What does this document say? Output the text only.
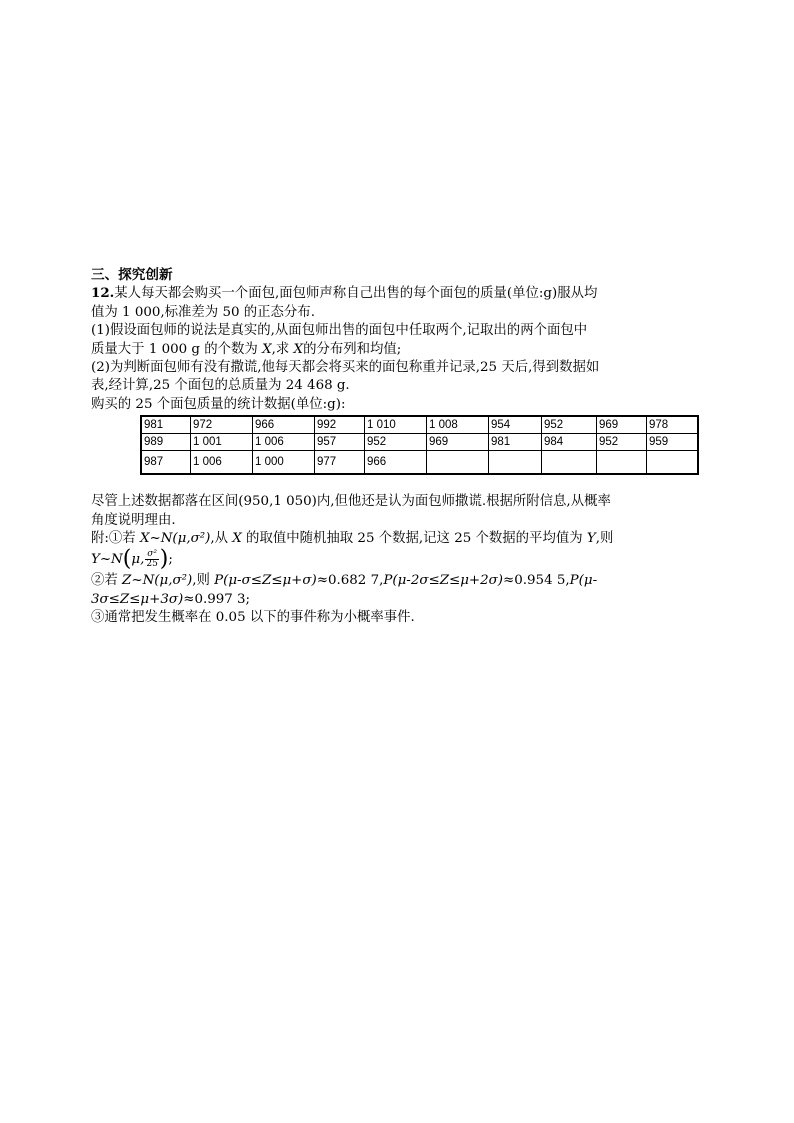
三、探究创新
12.某人每天都会购买一个面包,面包师声称自己出售的每个面包的质量(单位:g)服从均
值为 1 000,标准差为 50 的正态分布.
(1)假设面包师的说法是真实的,从面包师出售的面包中任取两个,记取出的两个面包中
质量大于 1 000 g 的个数为 X,求 X的分布列和均值;
(2)为判断面包师有没有撒谎,他每天都会将买来的面包称重并记录,25 天后,得到数据如
表,经计算,25 个面包的总质量为 24 468 g.
购买的 25 个面包质量的统计数据(单位:g):
981	972	966	992	1 010	1 008	954	952	969	978
989	1 001	1 006	957	952	969	981	984	952	959
987	1 006	1 000	977	966					
尽管上述数据都落在区间(950,1 050)内,但他还是认为面包师撒谎.根据所附信息,从概率
角度说明理由.
附:①若 X~N(μ,σ²),从 X 的取值中随机抽取 25 个数据,记这 25 个数据的平均值为 Y,则
Y~N(μ, $\frac{\text{σ²}}{25}$ );
②若 Z~N(μ,σ²),则 P(μ-σ≤Z≤μ+σ)≈0.682 7,P(μ-2σ≤Z≤μ+2σ)≈0.954 5,P(μ-
3σ≤Z≤μ+3σ)≈0.997 3;
③通常把发生概率在 0.05 以下的事件称为小概率事件.
